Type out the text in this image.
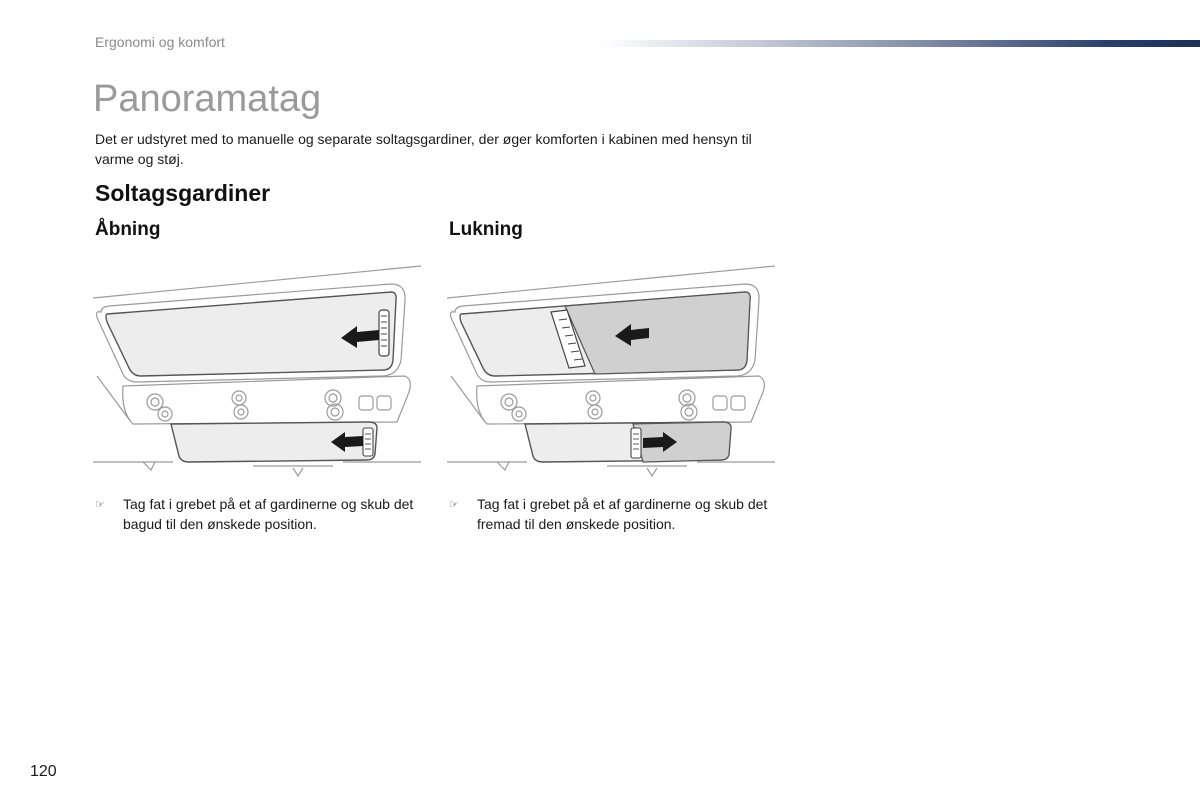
Ergonomi og komfort
Panoramatag

Det er udstyret med to manuelle og separate soltagsgardiner, der øger komforten i kabinen med hensyn til varme og støj.

Soltagsgardiner
Åbning

☞ Tag fat i grebet på et af gardinerne og skub det bagud til den ønskede position.

Lukning

☞ Tag fat i grebet på et af gardinerne og skub det fremad til den ønskede position.

120
